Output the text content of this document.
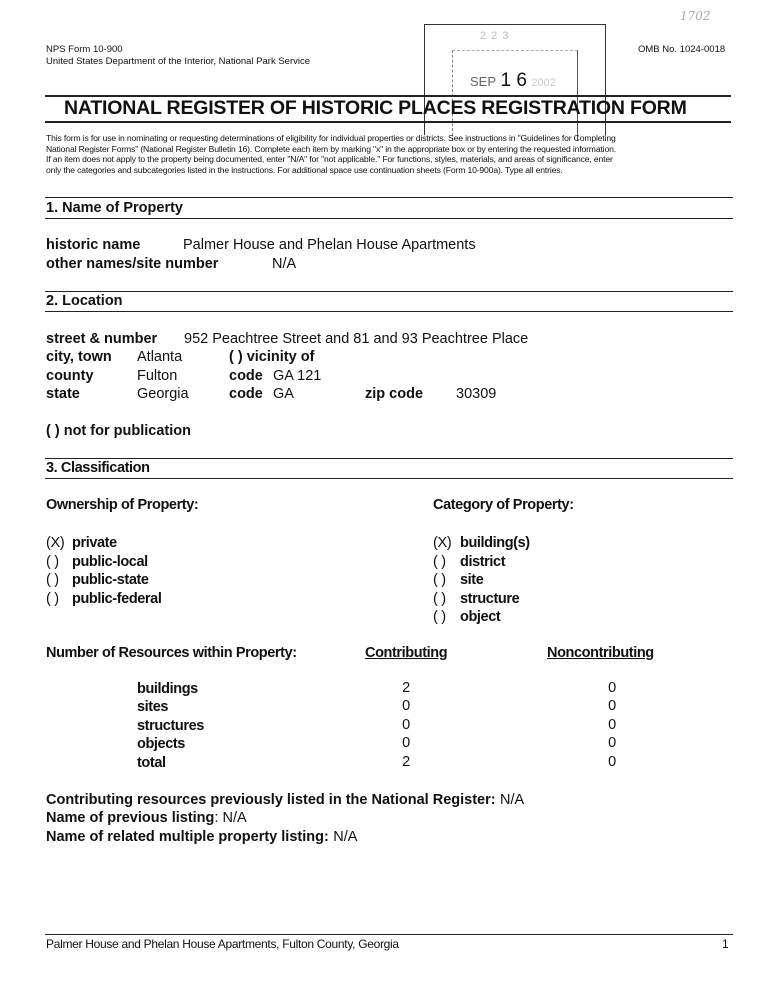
NPS Form 10-900
United States Department of the Interior, National Park Service
OMB No. 1024-0018
1702
2 2 3
SEP 1 6 2002
NATIONAL REGISTER OF HISTORIC PLACES REGISTRATION FORM
This form is for use in nominating or requesting determinations of eligibility for individual properties or districts. See instructions in "Guidelines for Completing
National Register Forms" (National Register Bulletin 16). Complete each item by marking "x" in the appropriate box or by entering the requested information.
If an item does not apply to the property being documented, enter "N/A" for "not applicable." For functions, styles, materials, and areas of significance, enter
only the categories and subcategories listed in the instructions. For additional space use continuation sheets (Form 10-900a). Type all entries.
1. Name of Property
historic name	Palmer House and Phelan House Apartments
other names/site number	N/A
2. Location
street & number 952 Peachtree Street and 81 and 93 Peachtree Place
city, town Atlanta	( ) vicinity of
county	Fulton	code GA 121
state	Georgia	code GA	zip code 30309
( ) not for publication
3. Classification
Ownership of Property:	Category of Property:
(X) private
( ) public-local
( ) public-state
( ) public-federal
(X) building(s)
( ) district
( ) site
( ) structure
( ) object
Number of Resources within Property:	Contributing	Noncontributing
buildings	2	0
sites	0	0
structures	0	0
objects	0	0
total	2	0
Contributing resources previously listed in the National Register: N/A
Name of previous listing: N/A
Name of related multiple property listing: N/A
Palmer House and Phelan House Apartments, Fulton County, Georgia	1
